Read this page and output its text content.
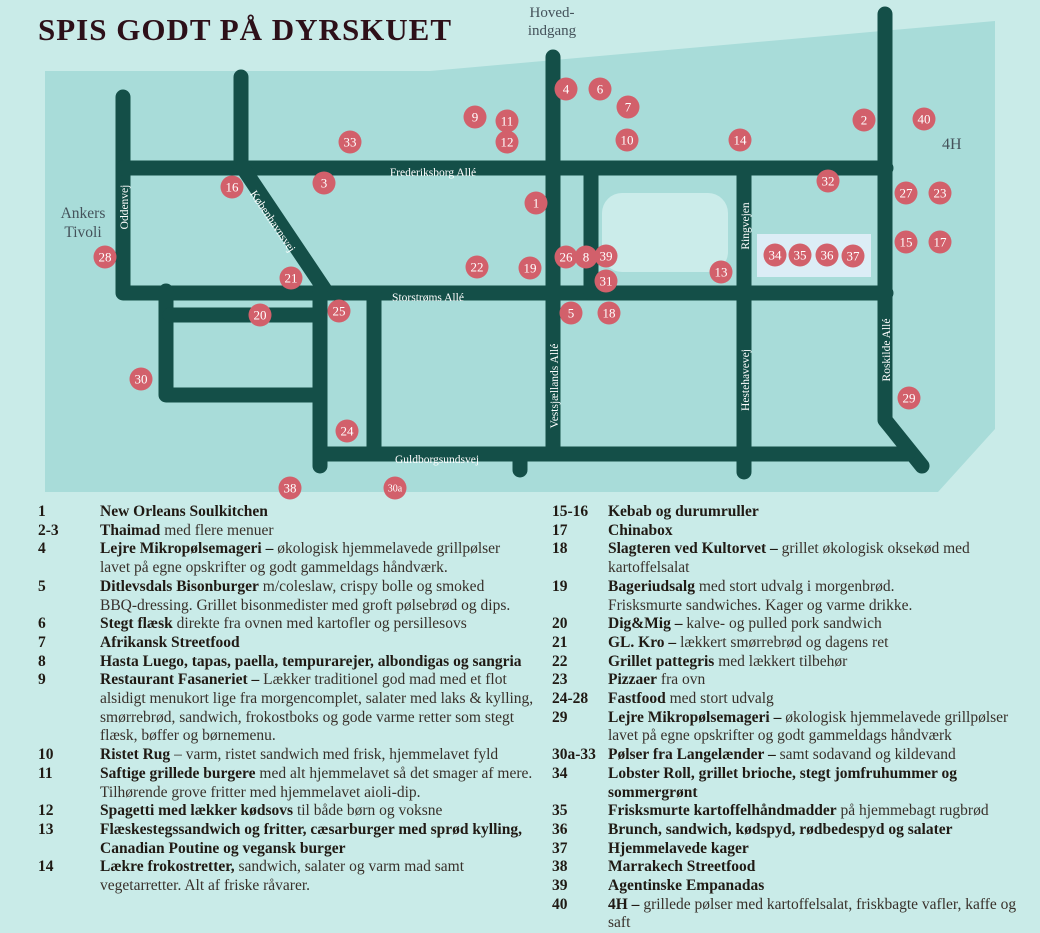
SPIS GODT PÅ DYRSKUET	Hoved-
indgang
Frederiksborg Allé
Storstrøms Allé
Guldborgsundsvej
Oddenvej	Københavnsvej
Vestsjællands Allé
Ringvejen
Hestehavevej	Roskilde Allé
1
2
3
4
5
6
7
8
9
10
11
12
13
14
15
16
17
18
19
20
21
22
23
24
25
26
27
28
29
30
30a
31
32
33
34 35 36 37
38
39
40
Ankers
Tivoli
4H
1	New Orleans Soulkitchen
2-3	Thaimad med flere menuer
4	Lejre Mikropølsemageri – økologisk hjemmelavede grillpølser
lavet på egne opskrifter og godt gammeldags håndværk.
5	Ditlevsdals Bisonburger m/coleslaw, crispy bolle og smoked
BBQ-dressing. Grillet bisonmedister med groft pølsebrød og dips.
6	Stegt flæsk direkte fra ovnen med kartofler og persillesovs
7	Afrikansk Streetfood
8	Hasta Luego, tapas, paella, tempurarejer, albondigas og sangria
9	Restaurant Fasaneriet – Lækker traditionel god mad med et flot
alsidigt menukort lige fra morgencomplet, salater med laks & kylling,
smørrebrød, sandwich, frokostboks og gode varme retter som stegt
flæsk, bøffer og børnemenu.
10	Ristet Rug – varm, ristet sandwich med frisk, hjemmelavet fyld
11	Saftige grillede burgere med alt hjemmelavet så det smager af mere.
Tilhørende grove fritter med hjemmelavet aioli-dip.
12	Spagetti med lækker kødsovs til både børn og voksne
13	Flæskestegssandwich og fritter, cæsarburger med sprød kylling,
Canadian Poutine og vegansk burger
14	Lækre frokostretter, sandwich, salater og varm mad samt
vegetarretter. Alt af friske råvarer.
15-16	Kebab og durumruller
17	Chinabox
18	Slagteren ved Kultorvet – grillet økologisk oksekød med kartoffelsalat
19	Bageriudsalg med stort udvalg i morgenbrød.
Frisksmurte sandwiches. Kager og varme drikke.
20	Dig&Mig – kalve- og pulled pork sandwich
21	GL. Kro – lækkert smørrebrød og dagens ret
22	Grillet pattegris med lækkert tilbehør
23	Pizzaer fra ovn
24-28	Fastfood med stort udvalg
29	Lejre Mikropølsemageri – økologisk hjemmelavede grillpølser
lavet på egne opskrifter og godt gammeldags håndværk
30a-33 Pølser fra Langelænder – samt sodavand og kildevand
34	Lobster Roll, grillet brioche, stegt jomfruhummer og sommergrønt
35	Frisksmurte kartoffelhåndmadder på hjemmebagt rugbrød
36	Brunch, sandwich, kødspyd, rødbedespyd og salater
37	Hjemmelavede kager
38	Marrakech Streetfood
39	Agentinske Empanadas
40	4H – grillede pølser med kartoffelsalat, friskbagte vafler, kaffe og saft
